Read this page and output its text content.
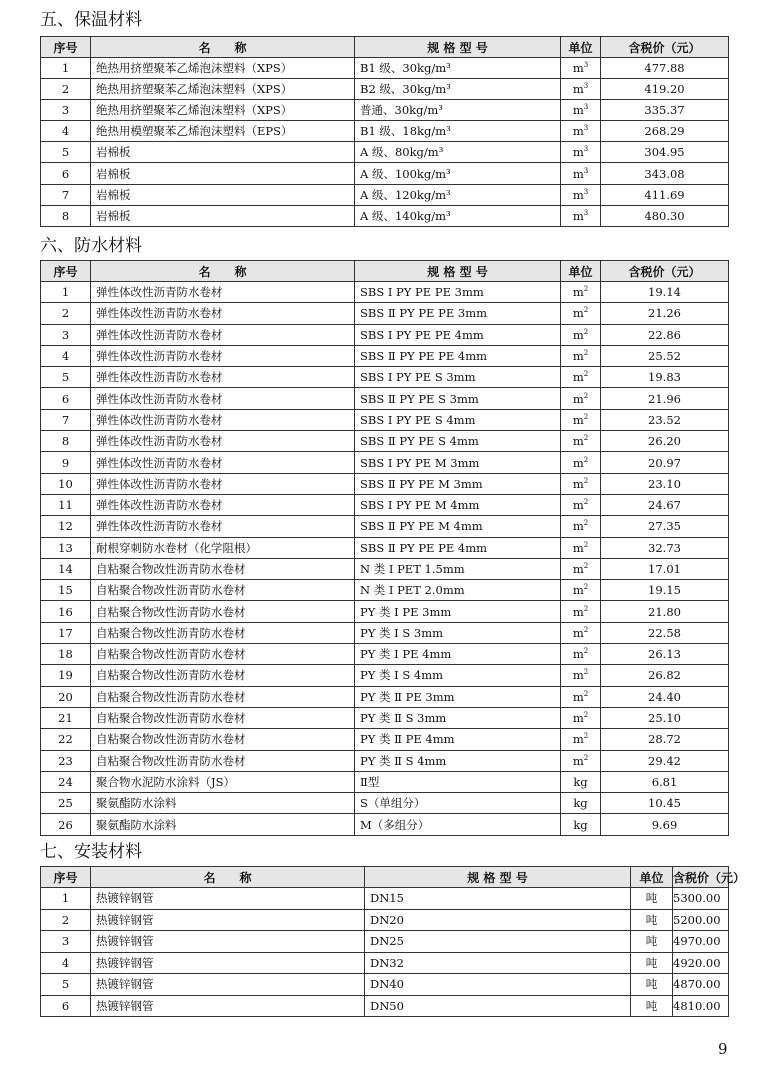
五、保温材料
序号	名　　称	规 格 型 号	单位	含税价（元）
1	绝热用挤塑聚苯乙烯泡沫塑料（XPS）	B1 级、30kg/m³	$m^3$	477.88
2	绝热用挤塑聚苯乙烯泡沫塑料（XPS）	B2 级、30kg/m³	$m^3$	419.20
3	绝热用挤塑聚苯乙烯泡沫塑料（XPS）	普通、30kg/m³	$m^3$	335.37
4	绝热用模塑聚苯乙烯泡沫塑料（EPS）	B1 级、18kg/m³	$m^3$	268.29
5	岩棉板	A 级、80kg/m³	$m^3$	304.95
6	岩棉板	A 级、100kg/m³	$m^3$	343.08
7	岩棉板	A 级、120kg/m³	$m^3$	411.69
8	岩棉板	A 级、140kg/m³	$m^3$	480.30
六、防水材料
序号	名　　称	规 格 型 号	单位	含税价（元）
1	弹性体改性沥青防水卷材	SBS Ⅰ PY PE PE 3mm	$m^2$	19.14
2	弹性体改性沥青防水卷材	SBS Ⅱ PY PE PE 3mm	$m^2$	21.26
3	弹性体改性沥青防水卷材	SBS Ⅰ PY PE PE 4mm	$m^2$	22.86
4	弹性体改性沥青防水卷材	SBS Ⅱ PY PE PE 4mm	$m^2$	25.52
5	弹性体改性沥青防水卷材	SBS Ⅰ PY PE S 3mm	$m^2$	19.83
6	弹性体改性沥青防水卷材	SBS Ⅱ PY PE S 3mm	$m^2$	21.96
7	弹性体改性沥青防水卷材	SBS Ⅰ PY PE S 4mm	$m^2$	23.52
8	弹性体改性沥青防水卷材	SBS Ⅱ PY PE S 4mm	$m^2$	26.20
9	弹性体改性沥青防水卷材	SBS Ⅰ PY PE M 3mm	$m^2$	20.97
10	弹性体改性沥青防水卷材	SBS Ⅱ PY PE M 3mm	$m^2$	23.10
11	弹性体改性沥青防水卷材	SBS Ⅰ PY PE M 4mm	$m^2$	24.67
12	弹性体改性沥青防水卷材	SBS Ⅱ PY PE M 4mm	$m^2$	27.35
13	耐根穿刺防水卷材（化学阻根）	SBS Ⅱ PY PE PE 4mm	$m^2$	32.73
14	自粘聚合物改性沥青防水卷材	N 类 Ⅰ PET 1.5mm	$m^2$	17.01
15	自粘聚合物改性沥青防水卷材	N 类 Ⅰ PET 2.0mm	$m^2$	19.15
16	自粘聚合物改性沥青防水卷材	PY 类 Ⅰ PE 3mm	$m^2$	21.80
17	自粘聚合物改性沥青防水卷材	PY 类 Ⅰ S 3mm	$m^2$	22.58
18	自粘聚合物改性沥青防水卷材	PY 类 Ⅰ PE 4mm	$m^2$	26.13
19	自粘聚合物改性沥青防水卷材	PY 类 Ⅰ S 4mm	$m^2$	26.82
20	自粘聚合物改性沥青防水卷材	PY 类 Ⅱ PE 3mm	$m^2$	24.40
21	自粘聚合物改性沥青防水卷材	PY 类 Ⅱ S 3mm	$m^2$	25.10
22	自粘聚合物改性沥青防水卷材	PY 类 Ⅱ PE 4mm	$m^2$	28.72
23	自粘聚合物改性沥青防水卷材	PY 类 Ⅱ S 4mm	$m^2$	29.42
24	聚合物水泥防水涂料（JS）	Ⅱ型	kg	6.81
25	聚氨酯防水涂料	S（单组分）	kg	10.45
26	聚氨酯防水涂料	M（多组分）	kg	9.69
七、安装材料
序号	名　　称	规 格 型 号	单位	含税价（元）
1	热镀锌钢管	DN15	吨	5300.00
2	热镀锌钢管	DN20	吨	5200.00
3	热镀锌钢管	DN25	吨	4970.00
4	热镀锌钢管	DN32	吨	4920.00
5	热镀锌钢管	DN40	吨	4870.00
6	热镀锌钢管	DN50	吨	4810.00
9
